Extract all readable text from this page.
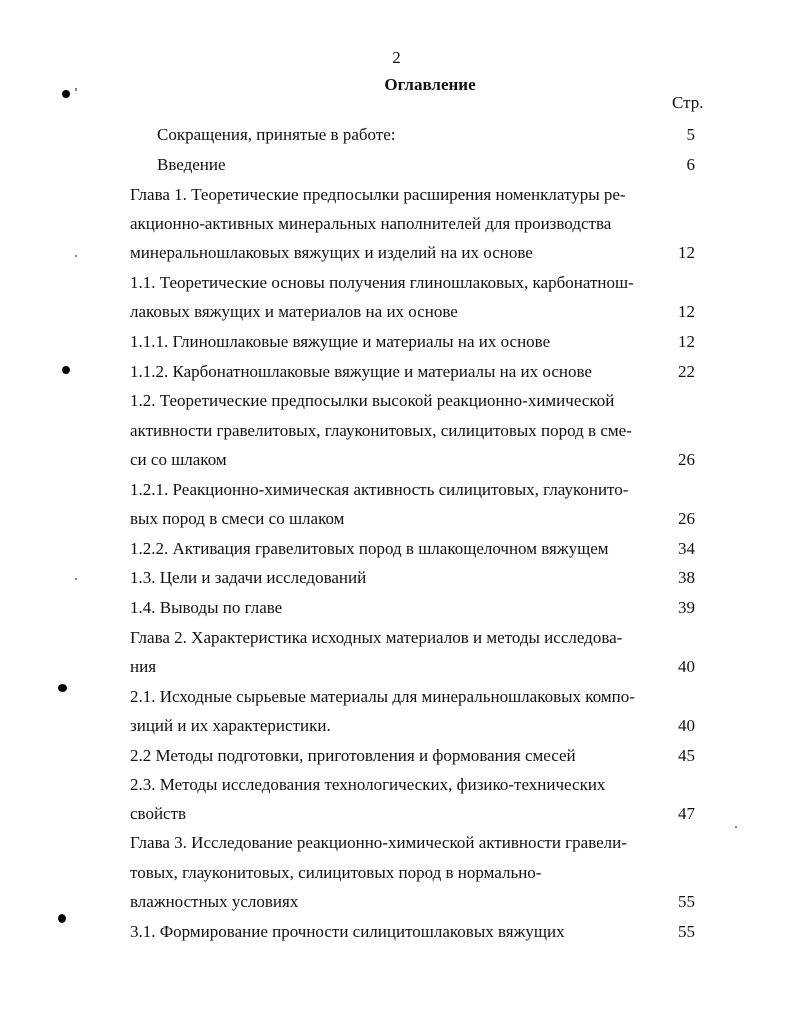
2
Оглавление
Стр.
Сокращения, принятые в работе:	5
Введение	6
Глава 1. Теоретические предпосылки расширения номенклатуры ре-
акционно-активных минеральных наполнителей для производства
минеральношлаковых вяжущих и изделий на их основе	12
1.1. Теоретические основы получения глиношлаковых, карбонатнош-
лаковых вяжущих и материалов на их основе	12
1.1.1. Глиношлаковые вяжущие и материалы на их основе	12
1.1.2. Карбонатношлаковые вяжущие и материалы на их основе	22
1.2. Теоретические предпосылки высокой реакционно-химической
активности гравелитовых, глауконитовых, силицитовых пород в сме-
си со шлаком	26
1.2.1. Реакционно-химическая активность силицитовых, глауконито-
вых пород в смеси со шлаком	26
1.2.2. Активация гравелитовых пород в шлакощелочном вяжущем	34
1.3. Цели и задачи исследований	38
1.4. Выводы по главе	39
Глава 2. Характеристика исходных материалов и методы исследова-
ния	40
2.1. Исходные сырьевые материалы для минеральношлаковых компо-
зиций и их характеристики.	40
2.2 Методы подготовки, приготовления и формования смесей	45
2.3. Методы исследования технологических, физико-технических
свойств	47
Глава 3. Исследование реакционно-химической активности гравели-
товых, глауконитовых, силицитовых пород в нормально-
влажностных условиях	55
3.1. Формирование прочности силицитошлаковых вяжущих	55
